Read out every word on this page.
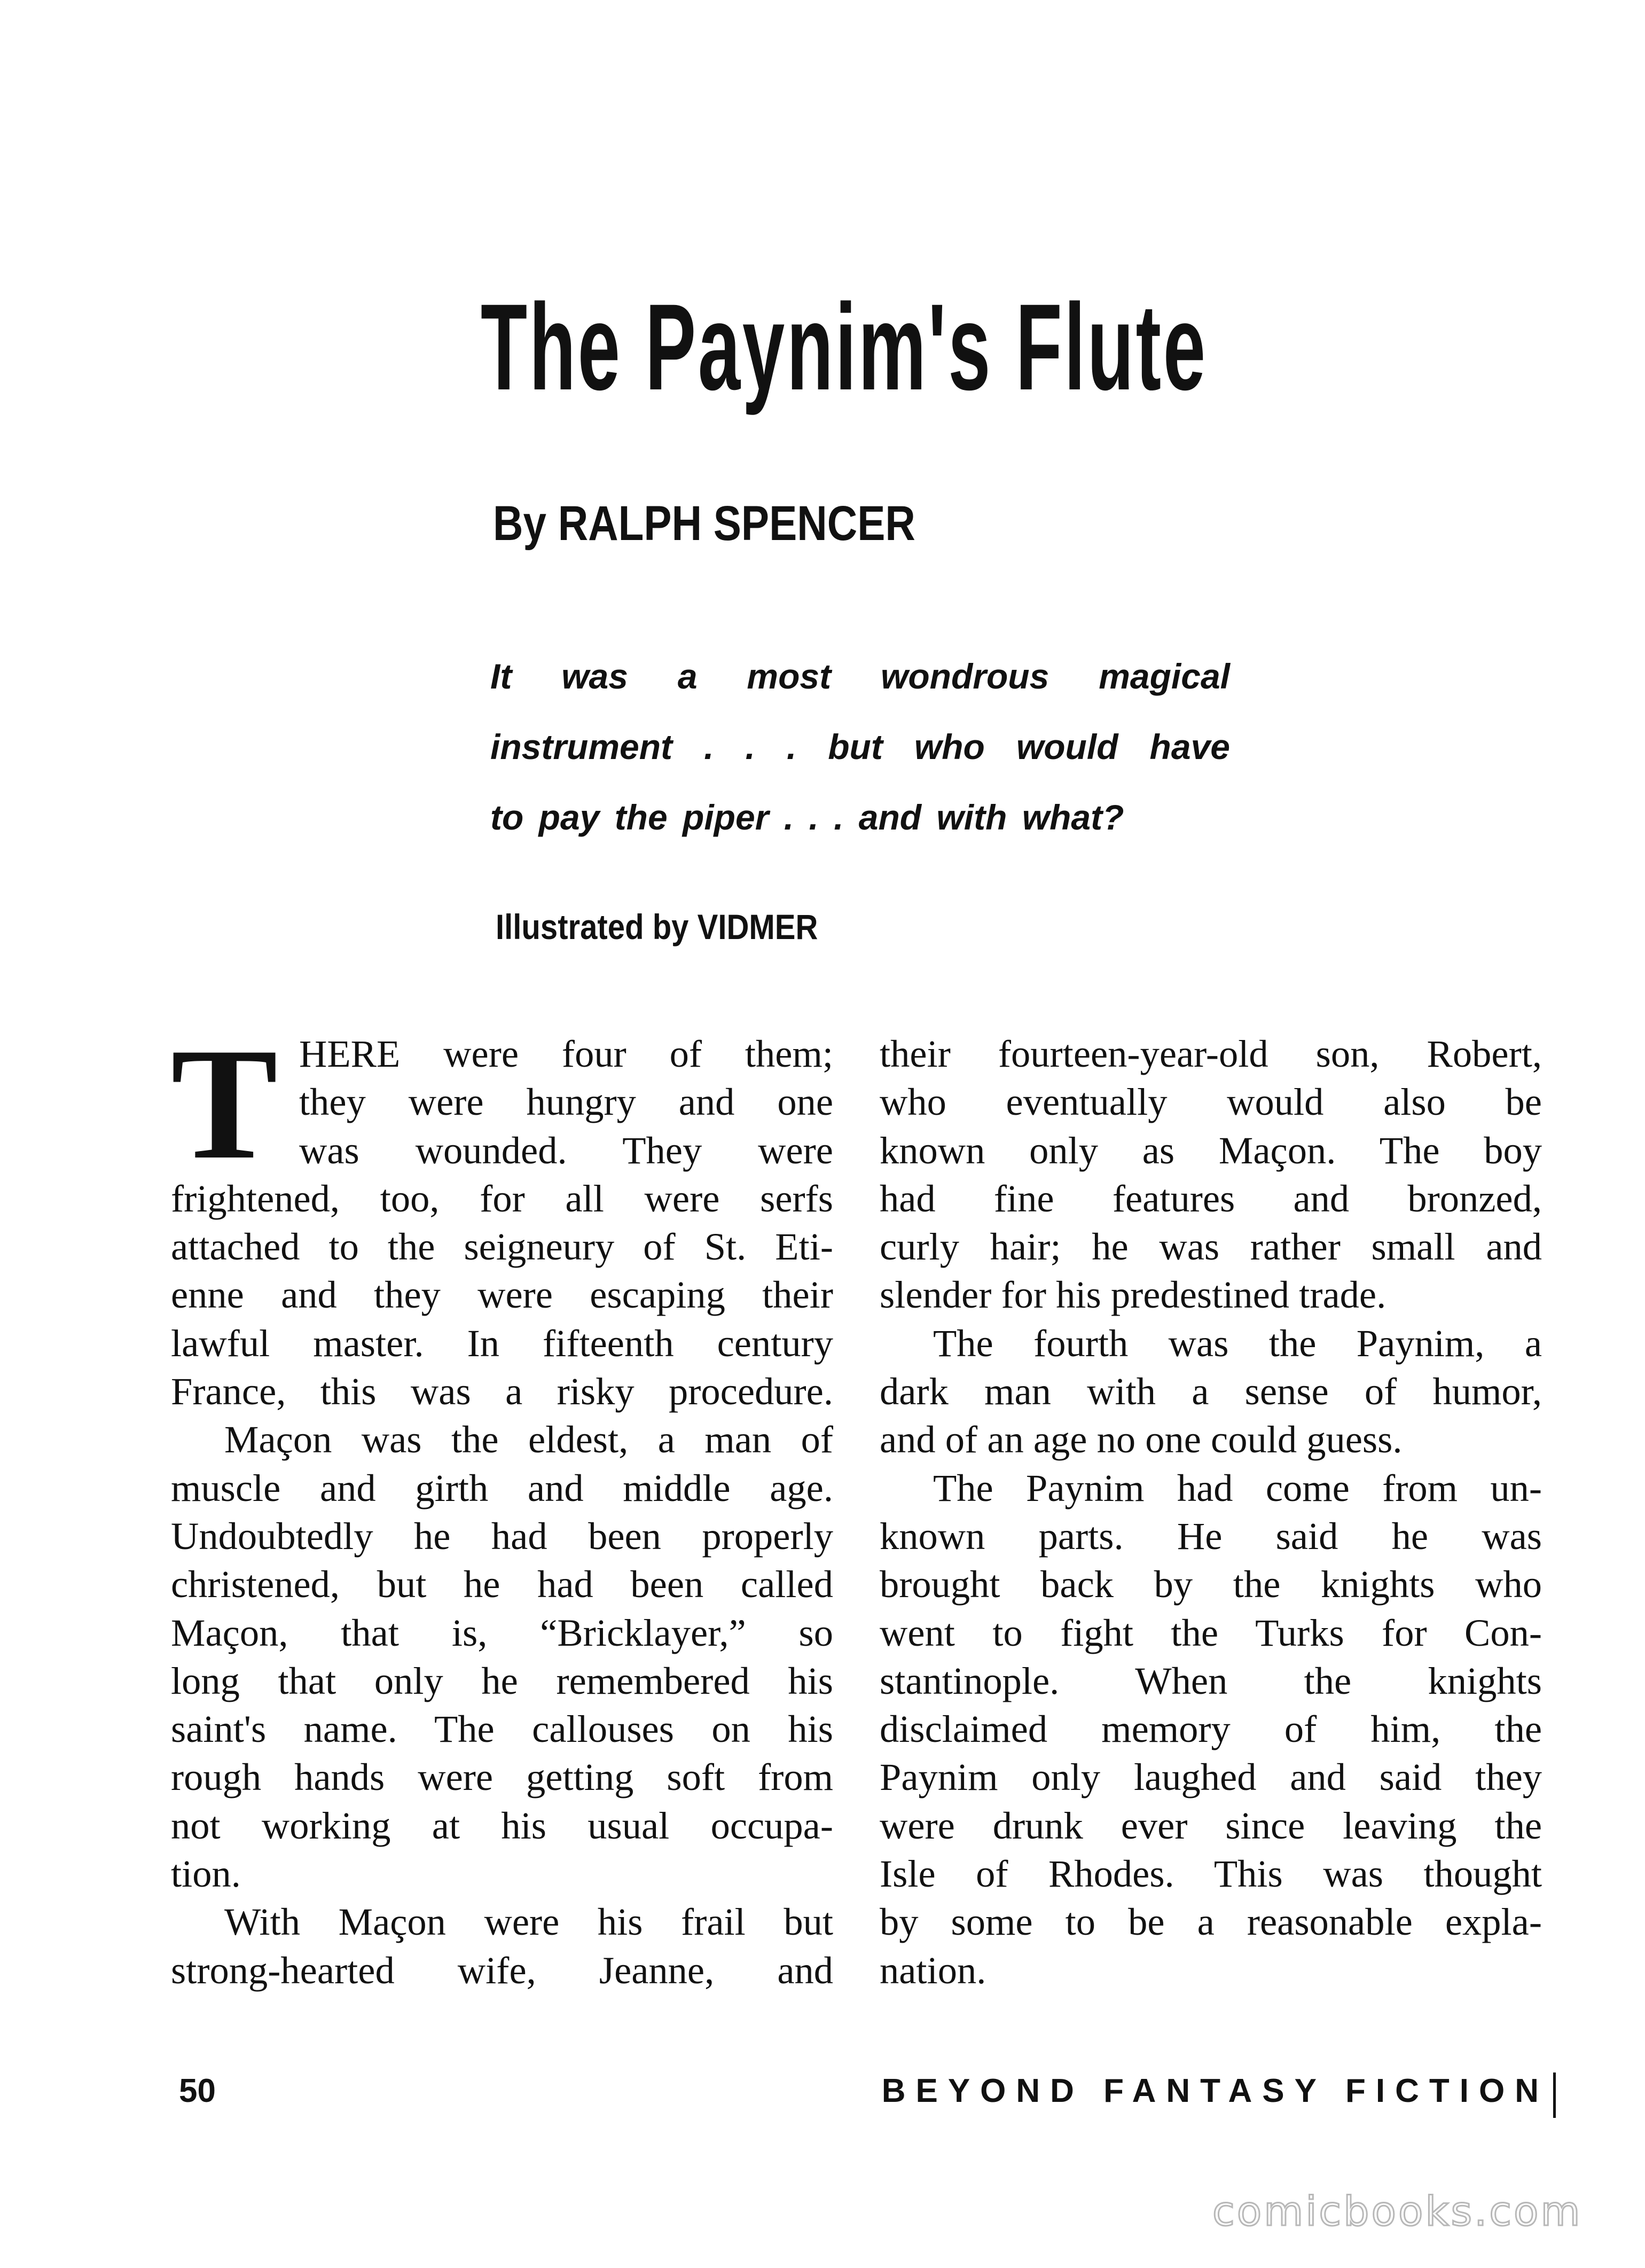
The Paynim's Flute
By RALPH SPENCER
It was a most wondrous magical
instrument . . . but who would have
to pay the piper . . . and with what?
Illustrated by VIDMER
T HERE were four of them;
they were hungry and one
was wounded. They were
frightened, too, for all were serfs
attached to the seigneury of St. Eti-
enne and they were escaping their
lawful master. In fifteenth century
France, this was a risky procedure.
Maçon was the eldest, a man of
muscle and girth and middle age.
Undoubtedly he had been properly
christened, but he had been called
Maçon, that is, “Bricklayer,” so
long that only he remembered his
saint's name. The callouses on his
rough hands were getting soft from
not working at his usual occupa-
tion.
With Maçon were his frail but
strong-hearted wife, Jeanne, and
their fourteen-year-old son, Robert,
who eventually would also be
known only as Maçon. The boy
had fine features and bronzed,
curly hair; he was rather small and
slender for his predestined trade.
The fourth was the Paynim, a
dark man with a sense of humor,
and of an age no one could guess.
The Paynim had come from un-
known parts. He said he was
brought back by the knights who
went to fight the Turks for Con-
stantinople. When the knights
disclaimed memory of him, the
Paynim only laughed and said they
were drunk ever since leaving the
Isle of Rhodes. This was thought
by some to be a reasonable expla-
nation.
50	BEYOND FANTASY FICTION
comicbooks.com
